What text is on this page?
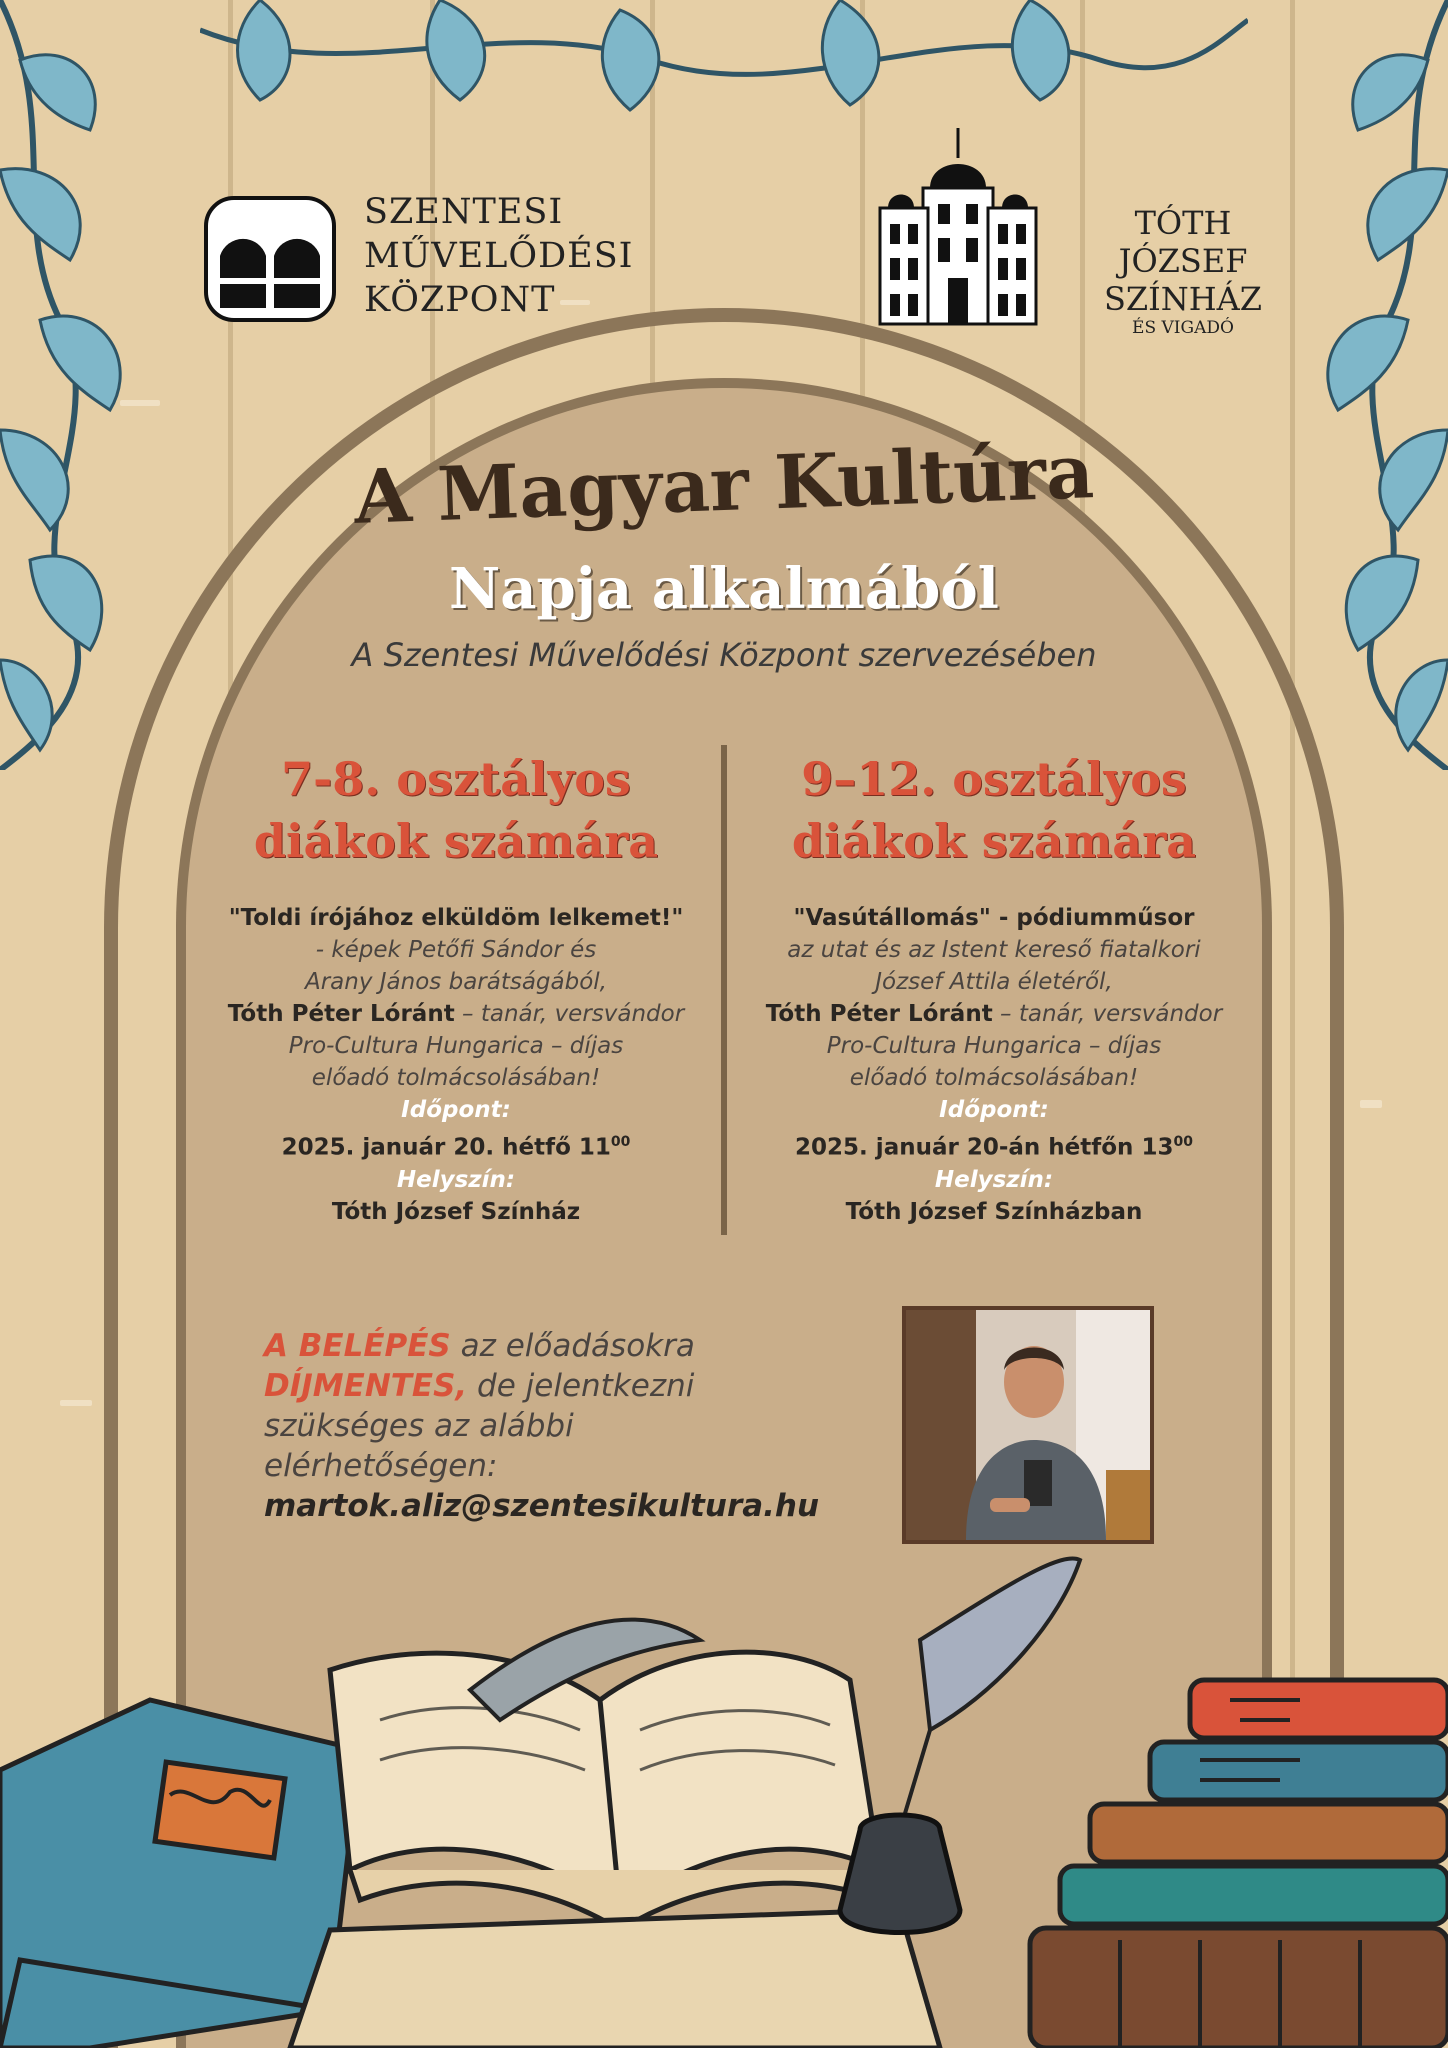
SZENTESI
MŰVELŐDÉSI
KÖZPONT
TÓTH JÓZSEF
SZÍNHÁZ
ÉS VIGADÓ
A Magyar Kultúra
Napja alkalmából
A Szentesi Művelődési Központ szervezésében
7-8. osztályos
diákok számára
"Toldi írójához elküldöm lelkemet!"
- képek Petőfi Sándor és
Arany János barátságából,
Tóth Péter Lóránt – tanár, versvándor
Pro-Cultura Hungarica – díjas
előadó tolmácsolásában!
Időpont:
2025. január 20. hétfő $11^{00}$
Helyszín:
Tóth József Színház
9–12. osztályos
diákok számára
"Vasútállomás" - pódiumműsor
az utat és az Istent kereső fiatalkori
József Attila életéről,
Tóth Péter Lóránt – tanár, versvándor
Pro-Cultura Hungarica – díjas
előadó tolmácsolásában!
Időpont:
2025. január 20-án hétfőn $13^{00}$
Helyszín:
Tóth József Színházban
A BELÉPÉS az előadásokra
DÍJMENTES, de jelentkezni
szükséges az alábbi
elérhetőségen:
martok.aliz@szentesikultura.hu
